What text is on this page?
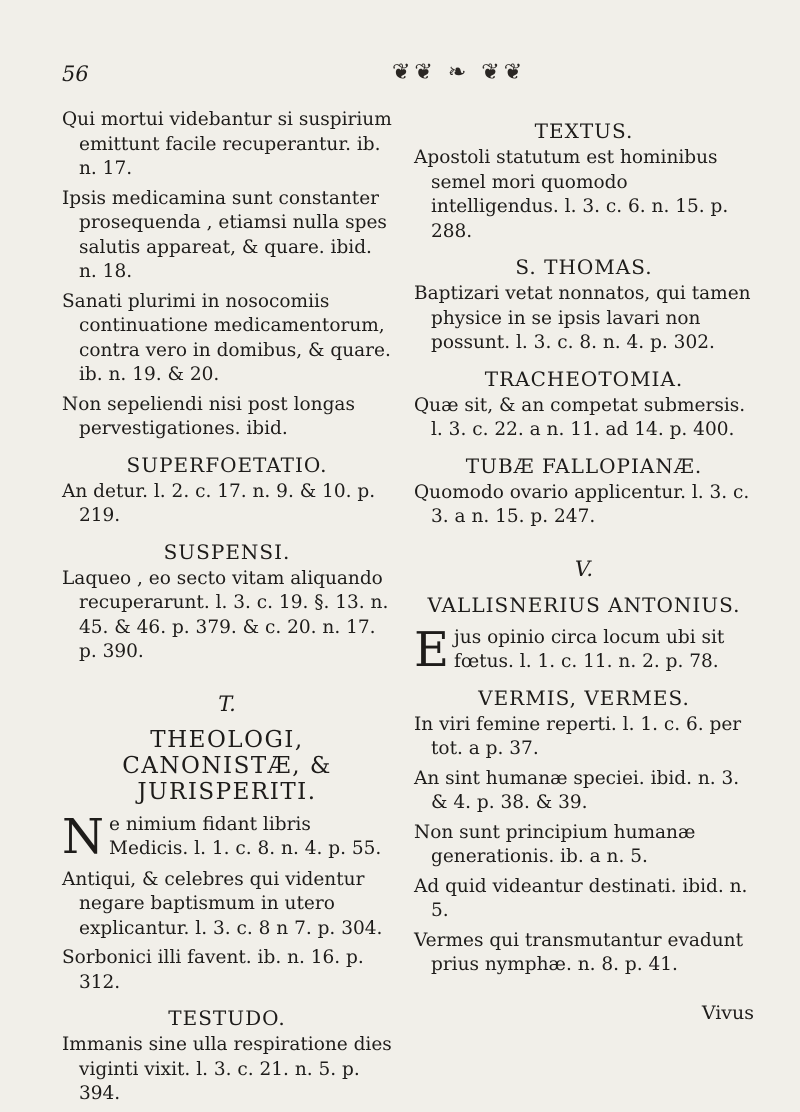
56	❦❦ ❧ ❦❦

Qui mortui videbantur si suspirium emittunt facile recuperantur. ib. n. 17.

Ipsis medicamina sunt constanter prosequenda , etiamsi nulla spes salutis appareat, & quare. ibid. n. 18.

Sanati plurimi in nosocomiis continuatione medicamentorum, contra vero in domibus, & quare. ib. n. 19. & 20.

Non sepeliendi nisi post longas pervestigationes. ibid.

SUPERFOETATIO.

An detur. l. 2. c. 17. n. 9. & 10. p. 219.

SUSPENSI.

Laqueo , eo secto vitam aliquando recuperarunt. l. 3. c. 19. §. 13. n. 45. & 46. p. 379. & c. 20. n. 17. p. 390.

T.
THEOLOGI, CANONISTÆ, & JURISPERITI.

Ne nimium fidant libris Medicis. l. 1. c. 8. n. 4. p. 55.

Antiqui, & celebres qui videntur negare baptismum in utero explicantur. l. 3. c. 8 n 7. p. 304.

Sorbonici illi favent. ib. n. 16. p. 312.

TESTUDO.

Immanis sine ulla respiratione dies viginti vixit. l. 3. c. 21. n. 5. p. 394.

TEXTUS.

Apostoli statutum est hominibus semel mori quomodo intelligendus. l. 3. c. 6. n. 15. p. 288.

S. THOMAS.

Baptizari vetat nonnatos, qui tamen physice in se ipsis lavari non possunt. l. 3. c. 8. n. 4. p. 302.

TRACHEOTOMIA.

Quæ sit, & an competat submersis. l. 3. c. 22. a n. 11. ad 14. p. 400.

TUBÆ FALLOPIANÆ.

Quomodo ovario applicentur. l. 3. c. 3. a n. 15. p. 247.

V.
VALLISNERIUS ANTONIUS.

Ejus opinio circa locum ubi sit fœtus. l. 1. c. 11. n. 2. p. 78.

VERMIS, VERMES.

In viri femine reperti. l. 1. c. 6. per tot. a p. 37.

An sint humanæ speciei. ibid. n. 3. & 4. p. 38. & 39.

Non sunt principium humanæ generationis. ib. a n. 5.

Ad quid videantur destinati. ibid. n. 5.

Vermes qui transmutantur evadunt prius nymphæ. n. 8. p. 41.

Vivus
